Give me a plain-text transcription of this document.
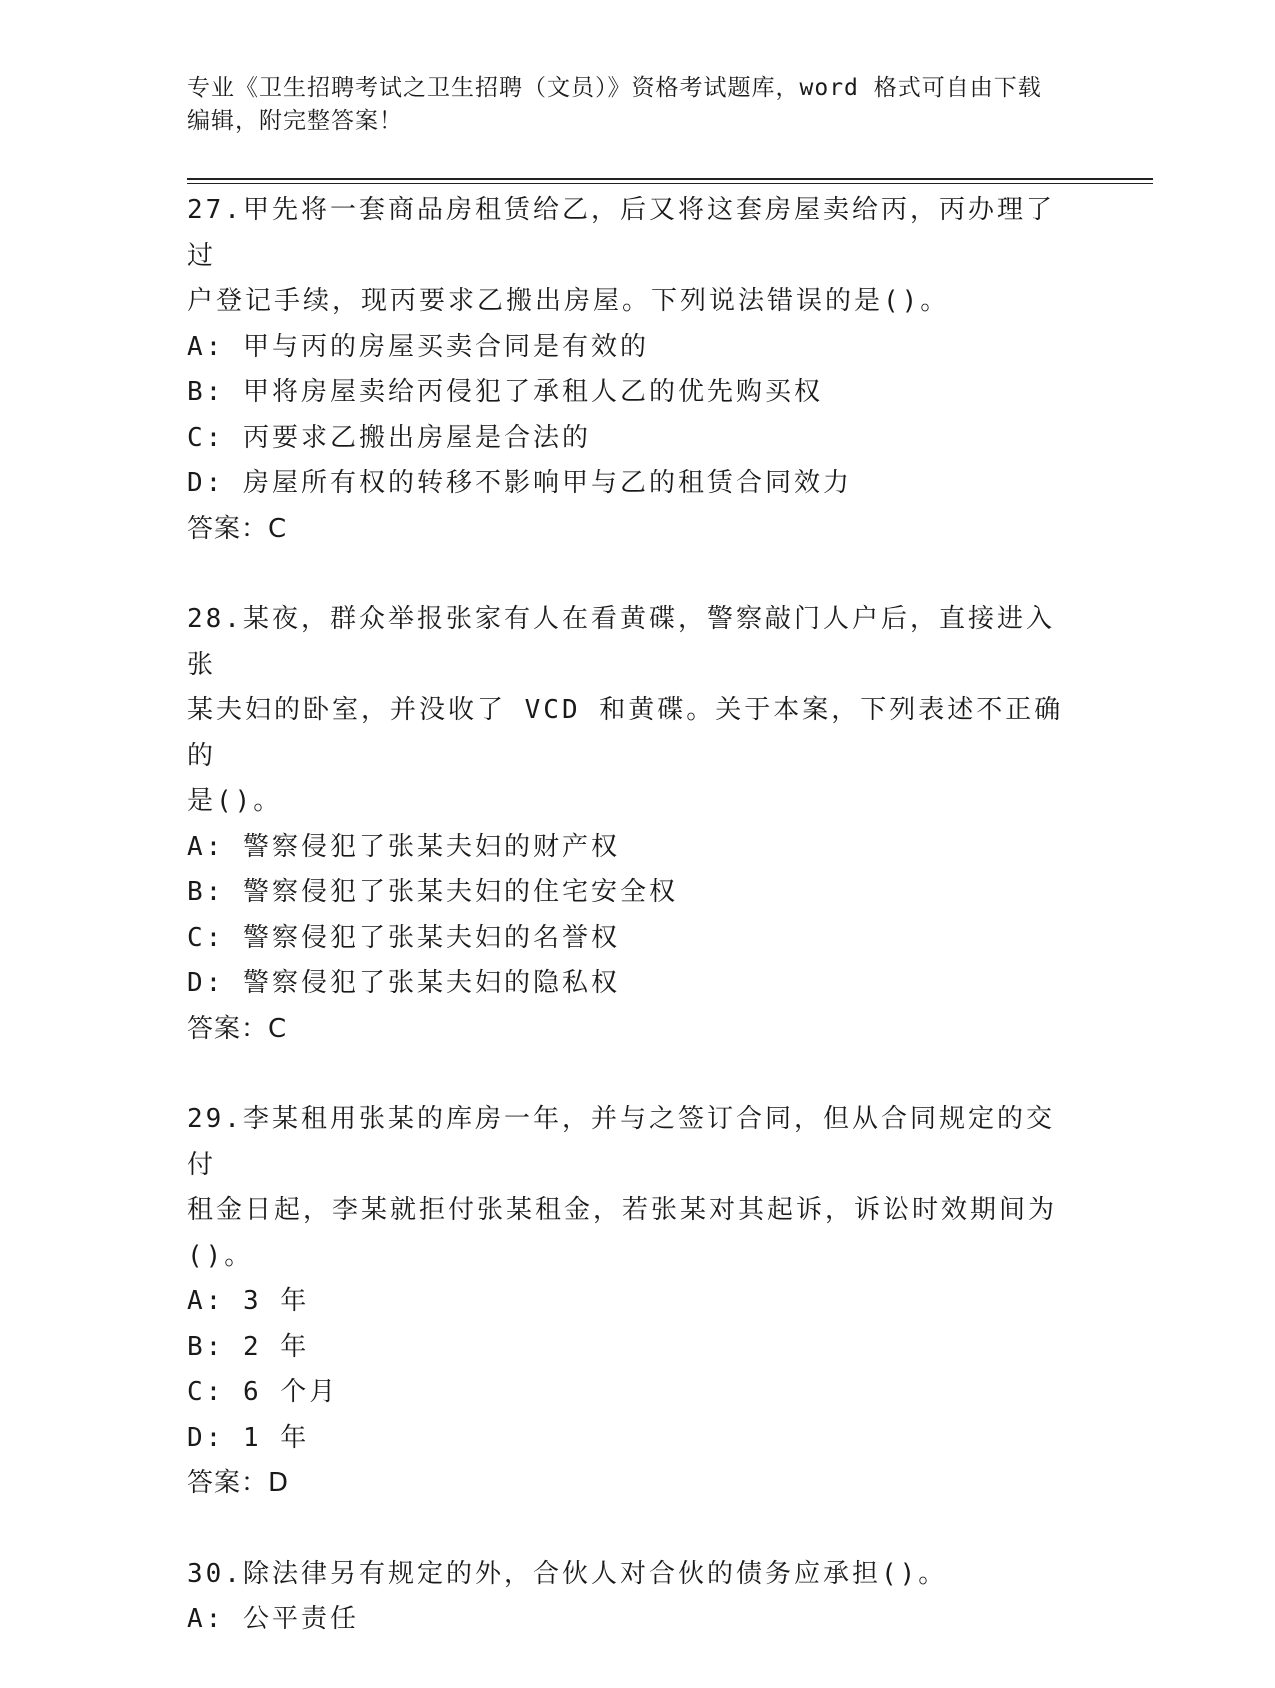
专业《卫生招聘考试之卫生招聘（文员）》资格考试题库，word 格式可自由下载
编辑，附完整答案！

27.甲先将一套商品房租赁给乙，后又将这套房屋卖给丙，丙办理了过

户登记手续，现丙要求乙搬出房屋。下列说法错误的是()。

A: 甲与丙的房屋买卖合同是有效的

B: 甲将房屋卖给丙侵犯了承租人乙的优先购买权

C: 丙要求乙搬出房屋是合法的

D: 房屋所有权的转移不影响甲与乙的租赁合同效力

答案：C

28.某夜，群众举报张家有人在看黄碟，警察敲门人户后，直接进入张

某夫妇的卧室，并没收了 VCD 和黄碟。关于本案，下列表述不正确的

是()。

A: 警察侵犯了张某夫妇的财产权

B: 警察侵犯了张某夫妇的住宅安全权

C: 警察侵犯了张某夫妇的名誉权

D: 警察侵犯了张某夫妇的隐私权

答案：C

29.李某租用张某的库房一年，并与之签订合同，但从合同规定的交付

租金日起，李某就拒付张某租金，若张某对其起诉，诉讼时效期间为

()。

A: 3 年

B: 2 年

C: 6 个月

D: 1 年

答案：D

30.除法律另有规定的外，合伙人对合伙的债务应承担()。

A: 公平责任
